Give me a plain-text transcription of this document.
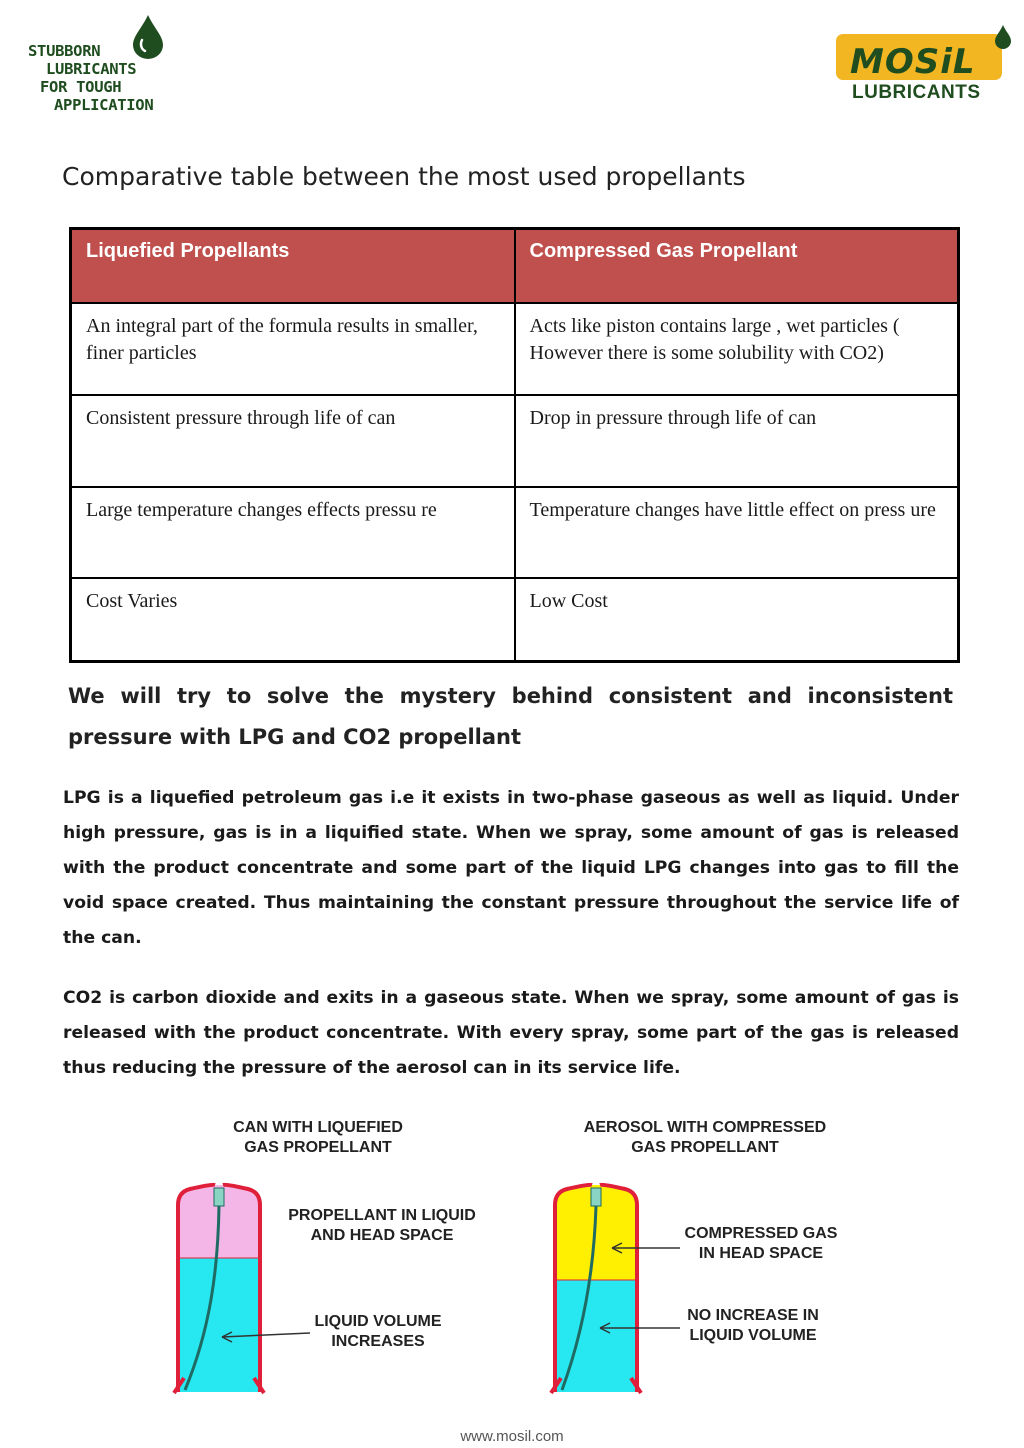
STUBBORN
LUBRICANTS
FOR TOUGH
APPLICATION
MOSiL
LUBRICANTS
Comparative table between the most used propellants
Liquefied Propellants	Compressed Gas Propellant
An integral part of the formula results in smaller, finer particles	Acts like piston contains large , wet particles ( However there is some solubility with CO2)
Consistent pressure through life of can	Drop in pressure through life of can
Large temperature changes effects pressu re	Temperature changes have little effect on press ure
Cost Varies	Low Cost
We will try to solve the mystery behind consistent and inconsistent pressure with LPG and CO2 propellant
LPG is a liquefied petroleum gas i.e it exists in two-phase gaseous as well as liquid. Under high pressure, gas is in a liquified state. When we spray, some amount of gas is released with the product concentrate and some part of the liquid LPG changes into gas to fill the void space created. Thus maintaining the constant pressure throughout the service life of the can.
CO2 is carbon dioxide and exits in a gaseous state. When we spray, some amount of gas is released with the product concentrate. With every spray, some part of the gas is released thus reducing the pressure of the aerosol can in its service life.
CAN WITH LIQUEFIED
GAS PROPELLANT
AEROSOL WITH COMPRESSED
GAS PROPELLANT
PROPELLANT IN LIQUID
AND HEAD SPACE
LIQUID VOLUME
INCREASES
COMPRESSED GAS
IN HEAD SPACE
NO INCREASE IN
LIQUID VOLUME
www.mosil.com
